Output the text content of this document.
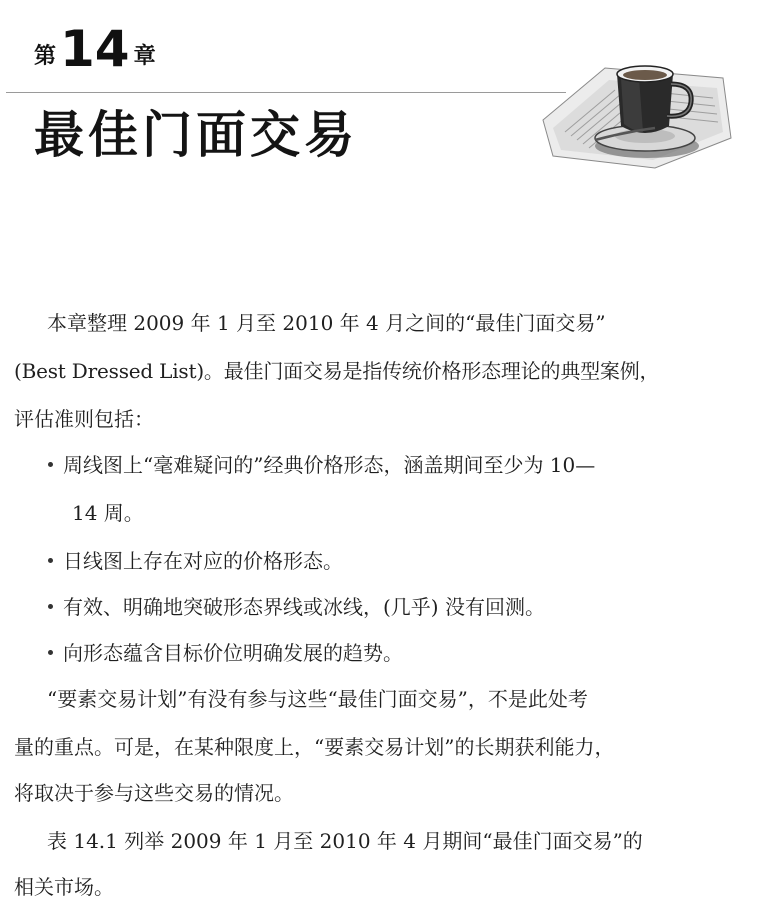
第 14 章
最佳门面交易
本章整理 2009 年 1 月至 2010 年 4 月之间的“最佳门面交易”
(Best Dressed List)。最佳门面交易是指传统价格形态理论的典型案例，
评估准则包括：
周线图上“毫难疑问的”经典价格形态，涵盖期间至少为 10—
14 周。
日线图上存在对应的价格形态。
有效、明确地突破形态界线或冰线，(几乎) 没有回测。
向形态蕴含目标价位明确发展的趋势。
“要素交易计划”有没有参与这些“最佳门面交易”，不是此处考
量的重点。可是，在某种限度上，“要素交易计划”的长期获利能力，
将取决于参与这些交易的情况。
表 14.1 列举 2009 年 1 月至 2010 年 4 月期间“最佳门面交易”的
相关市场。
